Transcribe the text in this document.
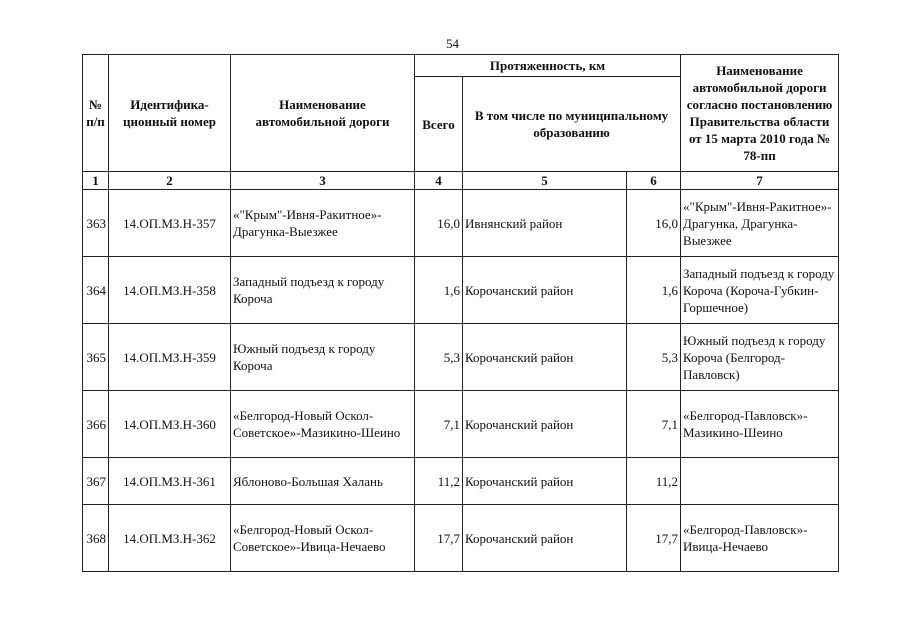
54
№ п/п	Идентифика-ционный номер	Наименование автомобильной дороги	Протяженность, км			Наименование автомобильной дороги согласно постановлению Правительства области от 15 марта 2010 года № 78-пп
			Всего	В том числе по муниципальному образованию		
1	2	3	4	5	6	7
363	14.ОП.МЗ.Н-357	«"Крым"-Ивня-Ракитное»-Драгунка-Выезжее	16,0	Ивнянский район	16,0	«"Крым"-Ивня-Ракитное»-Драгунка, Драгунка-Выезжее
364	14.ОП.МЗ.Н-358	Западный подъезд к городу Короча	1,6	Корочанский район	1,6	Западный подъезд к городу Короча (Короча-Губкин-Горшечное)
365	14.ОП.МЗ.Н-359	Южный подъезд к городу Короча	5,3	Корочанский район	5,3	Южный подъезд к городу Короча (Белгород-Павловск)
366	14.ОП.МЗ.Н-360	«Белгород-Новый Оскол-Советское»-Мазикино-Шеино	7,1	Корочанский район	7,1	«Белгород-Павловск»-Мазикино-Шеино
367	14.ОП.МЗ.Н-361	Яблоново-Большая Халань	11,2	Корочанский район	11,2	
368	14.ОП.МЗ.Н-362	«Белгород-Новый Оскол-Советское»-Ивица-Нечаево	17,7	Корочанский район	17,7	«Белгород-Павловск»-Ивица-Нечаево
